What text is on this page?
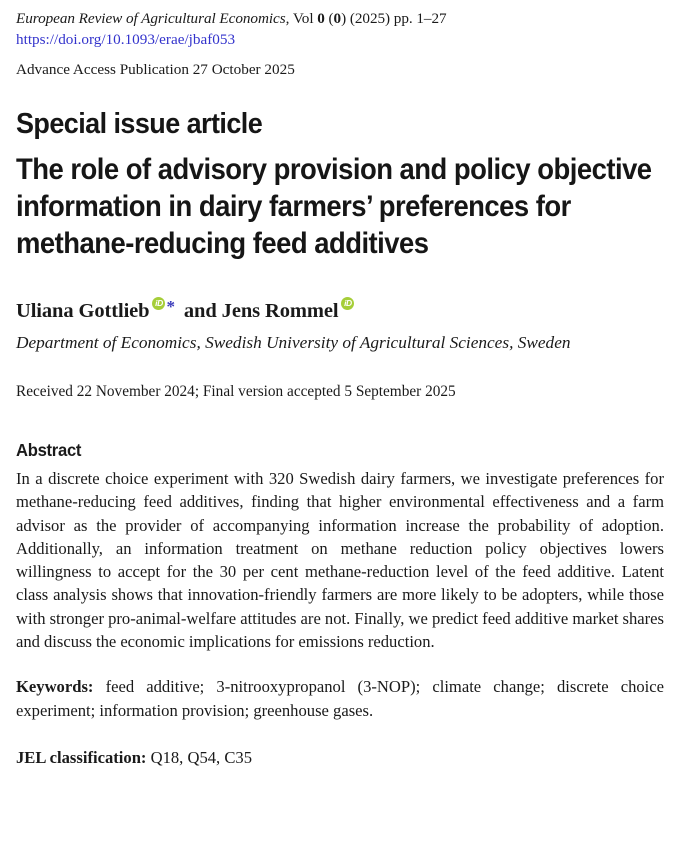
European Review of Agricultural Economics, Vol 0 (0) (2025) pp. 1–27
https://doi.org/10.1093/erae/jbaf053
Advance Access Publication 27 October 2025
Special issue article
The role of advisory provision and policy objective information in dairy farmers’ preferences for methane-reducing feed additives
Uliana Gottlieb iD * and Jens RommeliD
Department of Economics, Swedish University of Agricultural Sciences, Sweden
Received 22 November 2024; Final version accepted 5 September 2025
Abstract
In a discrete choice experiment with 320 Swedish dairy farmers, we investigate preferences for methane-reducing feed additives, finding that higher environmental effectiveness and a farm advisor as the provider of accompanying information increase the probability of adoption. Additionally, an information treatment on methane reduction policy objectives lowers willingness to accept for the 30 per cent methane-reduction level of the feed additive. Latent class analysis shows that innovation-friendly farmers are more likely to be adopters, while those with stronger pro-animal-welfare attitudes are not. Finally, we predict feed additive market shares and discuss the economic implications for emissions reduction.
Keywords: feed additive; 3-nitrooxypropanol (3-NOP); climate change; discrete choice experiment; information provision; greenhouse gases.
JEL classification: Q18, Q54, C35
